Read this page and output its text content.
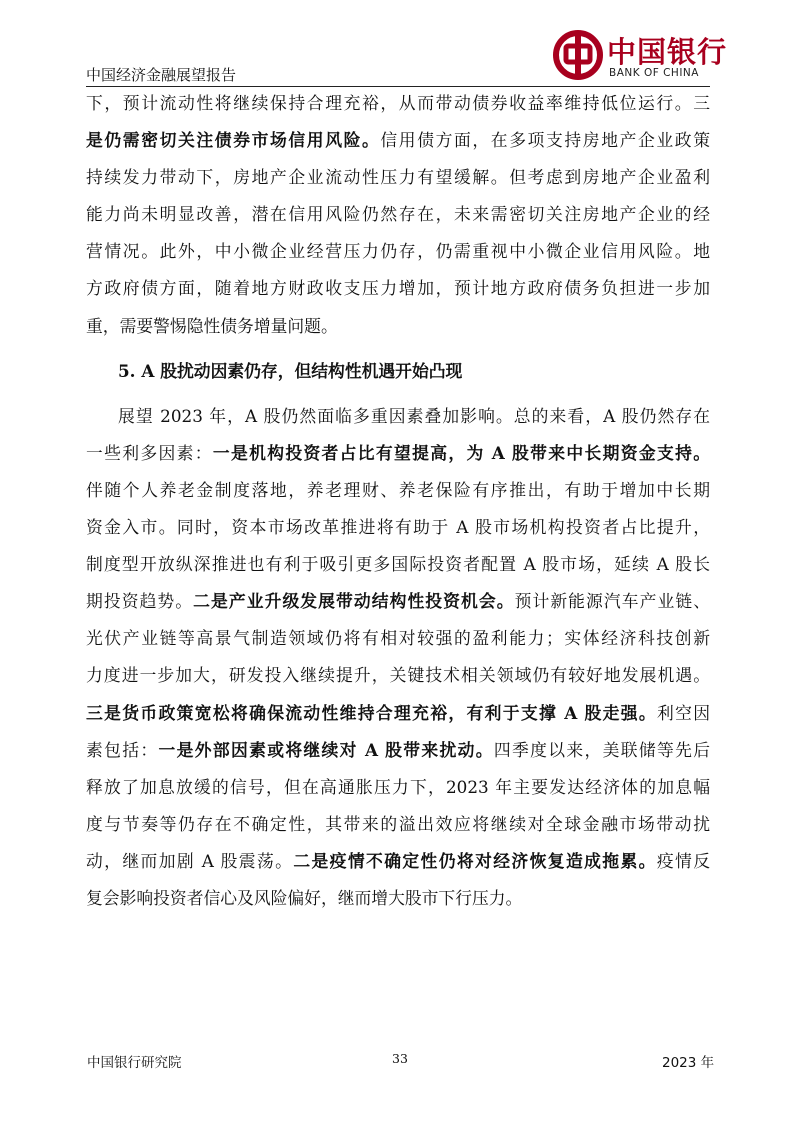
中国经济金融展望报告
中国银行
BANK OF CHINA
下，预计流动性将继续保持合理充裕，从而带动债券收益率维持低位运行。三
是仍需密切关注债券市场信用风险。信用债方面，在多项支持房地产企业政策
持续发力带动下，房地产企业流动性压力有望缓解。但考虑到房地产企业盈利
能力尚未明显改善，潜在信用风险仍然存在，未来需密切关注房地产企业的经
营情况。此外，中小微企业经营压力仍存，仍需重视中小微企业信用风险。地
方政府债方面，随着地方财政收支压力增加，预计地方政府债务负担进一步加
重，需要警惕隐性债务增量问题。
5. A 股扰动因素仍存，但结构性机遇开始凸现
展望 2023 年，A 股仍然面临多重因素叠加影响。总的来看，A 股仍然存在
一些利多因素：一是机构投资者占比有望提高，为 A 股带来中长期资金支持。
伴随个人养老金制度落地，养老理财、养老保险有序推出，有助于增加中长期
资金入市。同时，资本市场改革推进将有助于 A 股市场机构投资者占比提升，
制度型开放纵深推进也有利于吸引更多国际投资者配置 A 股市场，延续 A 股长
期投资趋势。二是产业升级发展带动结构性投资机会。预计新能源汽车产业链、
光伏产业链等高景气制造领域仍将有相对较强的盈利能力；实体经济科技创新
力度进一步加大，研发投入继续提升，关键技术相关领域仍有较好地发展机遇。
三是货币政策宽松将确保流动性维持合理充裕，有利于支撑 A 股走强。利空因
素包括：一是外部因素或将继续对 A 股带来扰动。四季度以来，美联储等先后
释放了加息放缓的信号，但在高通胀压力下，2023 年主要发达经济体的加息幅
度与节奏等仍存在不确定性，其带来的溢出效应将继续对全球金融市场带动扰
动，继而加剧 A 股震荡。二是疫情不确定性仍将对经济恢复造成拖累。疫情反
复会影响投资者信心及风险偏好，继而增大股市下行压力。
中国银行研究院	33	2023 年
